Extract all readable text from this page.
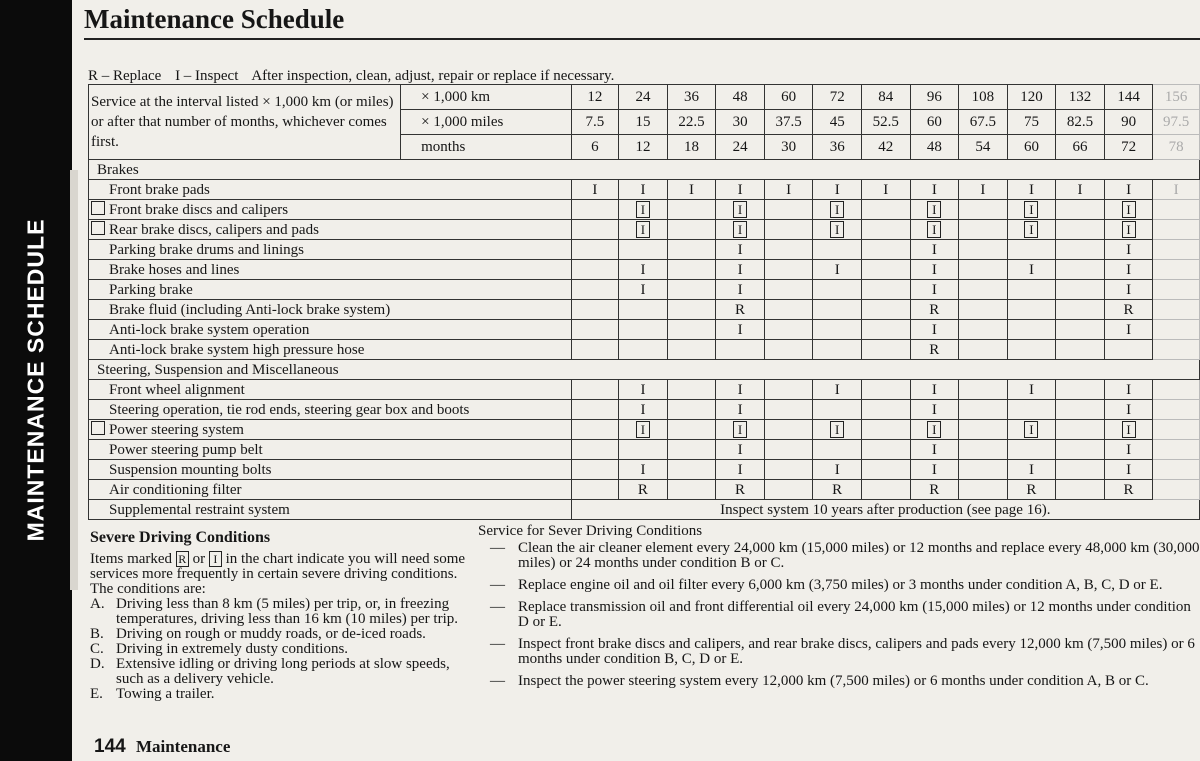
MAINTENANCE SCHEDULE
Maintenance Schedule
R – Replace I – Inspect After inspection, clean, adjust, repair or replace if necessary.
Service at the interval listed × 1,000 km (or miles) or after that number of months, whichever comes first.	× 1,000 km	12	24	36	48	60	72	84	96	108	120	132	144	156
	× 1,000 miles	7.5	15	22.5	30	37.5	45	52.5	60	67.5	75	82.5	90	97.5
	months	6	12	18	24	30	36	42	48	54	60	66	72	78
Brakes														
Front brake pads		I	I	I	I	I	I	I	I	I	I	I	I	I
Front brake discs and calipers			I		I		I		I		I		I	
Rear brake discs, calipers and pads			I		I		I		I		I		I	
Parking brake drums and linings					I				I				I	
Brake hoses and lines			I		I		I		I		I		I	
Parking brake			I		I				I				I	
Brake fluid (including Anti-lock brake system)					R				R				R	
Anti-lock brake system operation					I				I				I	
Anti-lock brake system high pressure hose									R					
Steering, Suspension and Miscellaneous														
Front wheel alignment			I		I		I		I		I		I	
Steering operation, tie rod ends, steering gear box and boots			I		I				I				I	
Power steering system			I		I		I		I		I		I	
Power steering pump belt					I				I				I	
Suspension mounting bolts			I		I		I		I		I		I	
Air conditioning filter			R		R		R		R		R		R	
Supplemental restraint system		Inspect system 10 years after production (see page 16).												
Severe Driving Conditions

Items marked R or I in the chart indicate you will need some services more frequently in certain severe driving conditions.

The conditions are:

A. Driving less than 8 km (5 miles) per trip, or, in freezing temperatures, driving less than 16 km (10 miles) per trip.
B. Driving on rough or muddy roads, or de-iced roads.
C. Driving in extremely dusty conditions.
D. Extensive idling or driving long periods at slow speeds, such as a delivery vehicle.
E. Towing a trailer.

Service for Sever Driving Conditions

— Clean the air cleaner element every 24,000 km (15,000 miles) or 12 months and replace every 48,000 km (30,000 miles) or 24 months under condition B or C.
— Replace engine oil and oil filter every 6,000 km (3,750 miles) or 3 months under condition A, B, C, D or E.
— Replace transmission oil and front differential oil every 24,000 km (15,000 miles) or 12 months under condition D or E.
— Inspect front brake discs and calipers, and rear brake discs, calipers and pads every 12,000 km (7,500 miles) or 6 months under condition B, C, D or E.
— Inspect the power steering system every 12,000 km (7,500 miles) or 6 months under condition A, B or C.
144 Maintenance
